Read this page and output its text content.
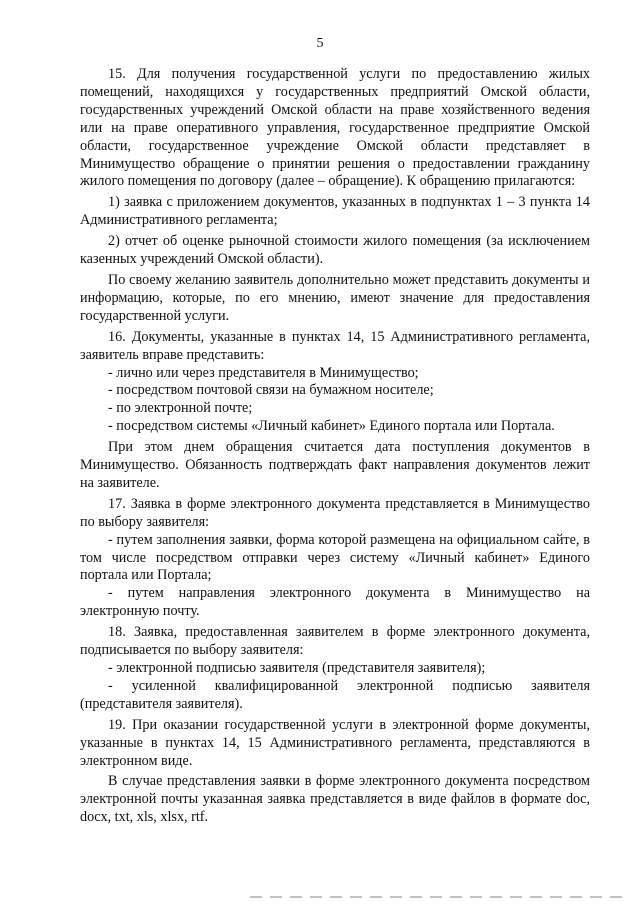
5

15. Для получения государственной услуги по предоставлению жилых помещений, находящихся у государственных предприятий Омской области, государственных учреждений Омской области на праве хозяйственного ведения или на праве оперативного управления, государственное предприятие Омской области, государственное учреждение Омской области представляет в Минимущество обращение о принятии решения о предоставлении гражданину жилого помещения по договору (далее – обращение). К обращению прилагаются:

1) заявка с приложением документов, указанных в подпунктах 1 – 3 пункта 14 Административного регламента;

2) отчет об оценке рыночной стоимости жилого помещения (за исключением казенных учреждений Омской области).

По своему желанию заявитель дополнительно может представить документы и информацию, которые, по его мнению, имеют значение для предоставления государственной услуги.

16. Документы, указанные в пунктах 14, 15 Административного регламента, заявитель вправе представить:

- лично или через представителя в Минимущество;

- посредством почтовой связи на бумажном носителе;

- по электронной почте;

- посредством системы «Личный кабинет» Единого портала или Портала.

При этом днем обращения считается дата поступления документов в Минимущество. Обязанность подтверждать факт направления документов лежит на заявителе.

17. Заявка в форме электронного документа представляется в Минимущество по выбору заявителя:

- путем заполнения заявки, форма которой размещена на официальном сайте, в том числе посредством отправки через систему «Личный кабинет» Единого портала или Портала;

- путем направления электронного документа в Минимущество на электронную почту.

18. Заявка, предоставленная заявителем в форме электронного документа, подписывается по выбору заявителя:

- электронной подписью заявителя (представителя заявителя);

- усиленной квалифицированной электронной подписью заявителя (представителя заявителя).

19. При оказании государственной услуги в электронной форме документы, указанные в пунктах 14, 15 Административного регламента, представляются в электронном виде.

В случае представления заявки в форме электронного документа посредством электронной почты указанная заявка представляется в виде файлов в формате doc, docx, txt, xls, xlsx, rtf.
